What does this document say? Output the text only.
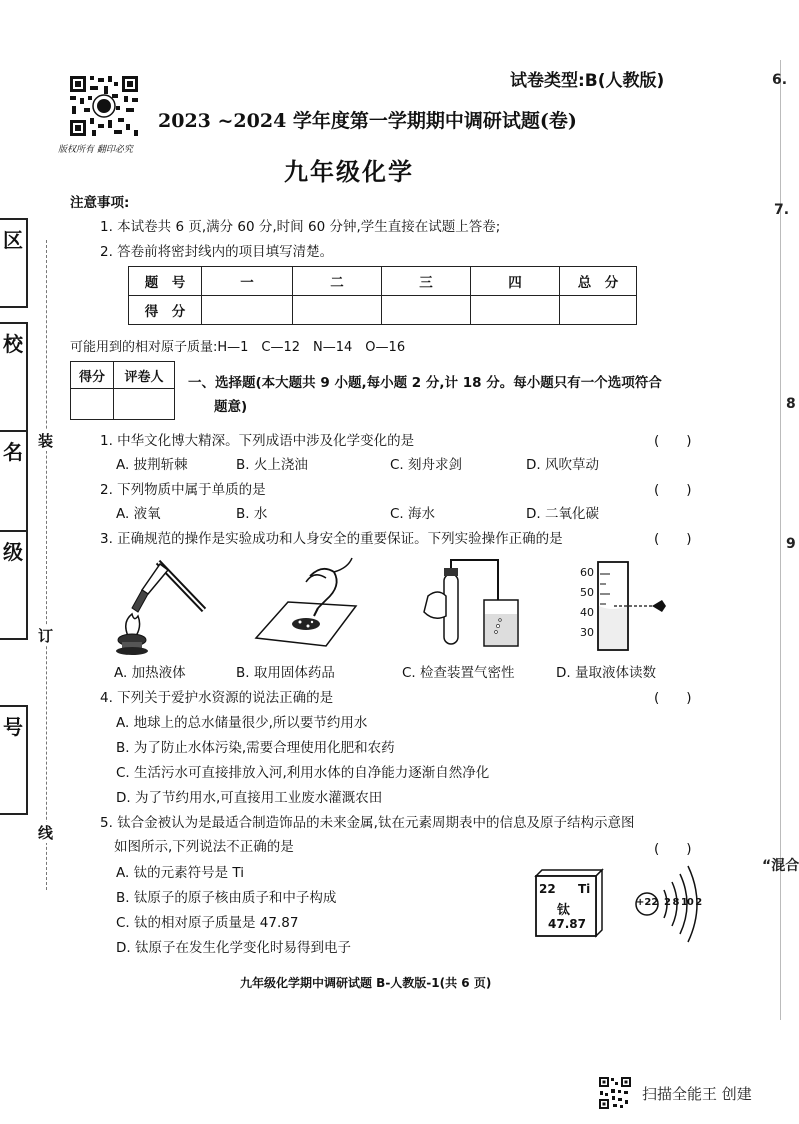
区
校
名
级
号
装
订
线
6.
7.
8
9
“混合
版权所有 翻印必究
试卷类型:B(人教版)
2023 ~2024 学年度第一学期期中调研试题(卷)
九年级化学
注意事项:
1. 本试卷共 6 页,满分 60 分,时间 60 分钟,学生直接在试题上答卷;
2. 答卷前将密封线内的项目填写清楚。
题　号	一	二	三	四	总　分
得　分					
可能用到的相对原子质量:H—1　C—12　N—14　O—16
得分	评卷人
	一、选择题(本大题共 9 小题,每小题 2 分,计 18 分。每小题只有一个选项符合
题意)
1. 中华文化博大精深。下列成语中涉及化学变化的是	(　　)
A. 披荆斩棘	B. 火上浇油	C. 刻舟求剑	D. 风吹草动
2. 下列物质中属于单质的是	(　　)
A. 液氧	B. 水	C. 海水	D. 二氧化碳
3. 正确规范的操作是实验成功和人身安全的重要保证。下列实验操作正确的是	(　　)
60
50
40
30
A. 加热液体	B. 取用固体药品	C. 检查装置气密性	D. 量取液体读数
4. 下列关于爱护水资源的说法正确的是	(　　)
A. 地球上的总水储量很少,所以要节约用水
B. 为了防止水体污染,需要合理使用化肥和农药
C. 生活污水可直接排放入河,利用水体的自净能力逐渐自然净化
D. 为了节约用水,可直接用工业废水灌溉农田
5. 钛合金被认为是最适合制造饰品的未来金属,钛在元素周期表中的信息及原子结构示意图
如图所示,下列说法不正确的是	(　　)
A. 钛的元素符号是 Ti
B. 钛原子的原子核由质子和中子构成
C. 钛的相对原子质量是 47.87
D. 钛原子在发生化学变化时易得到电子
22 Ti
钛
47.87
+22 2 8 10 2
九年级化学期中调研试题 B-人教版-1(共 6 页)
扫描全能王 创建
